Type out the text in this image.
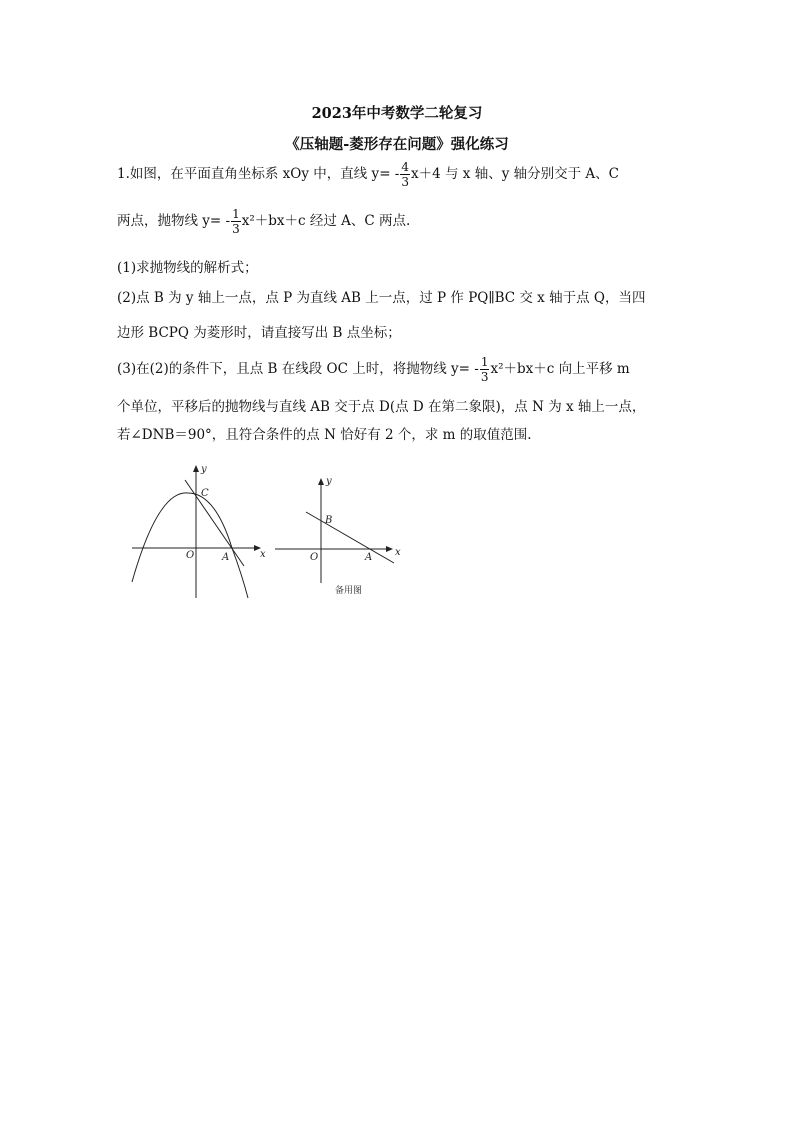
2023年中考数学二轮复习
《压轴题-菱形存在问题》强化练习
1.如图，在平面直角坐标系 xOy 中，直线 $y= - \frac{4}{3} x+4$ 与 x 轴、y 轴分别交于 A、C
两点，抛物线 $y= - \frac{1}{3} x^2+bx+c$ 经过 A、C 两点.
(1)求抛物线的解析式；
(2)点 B 为 y 轴上一点，点 P 为直线 AB 上一点，过 P 作 PQ∥BC 交 x 轴于点 Q，当四
边形 BCPQ 为菱形时，请直接写出 B 点坐标；
(3)在(2)的条件下，且点 B 在线段 OC 上时，将抛物线 $y= - \frac{1}{3} x^2+bx+c$ 向上平移 m
个单位，平移后的抛物线与直线 AB 交于点 D(点 D 在第二象限)，点 N 为 x 轴上一点，
若∠DNB＝90°，且符合条件的点 N 恰好有 2 个，求 m 的取值范围.
y
C
O	A	x
y
B
O	A x
备用图
